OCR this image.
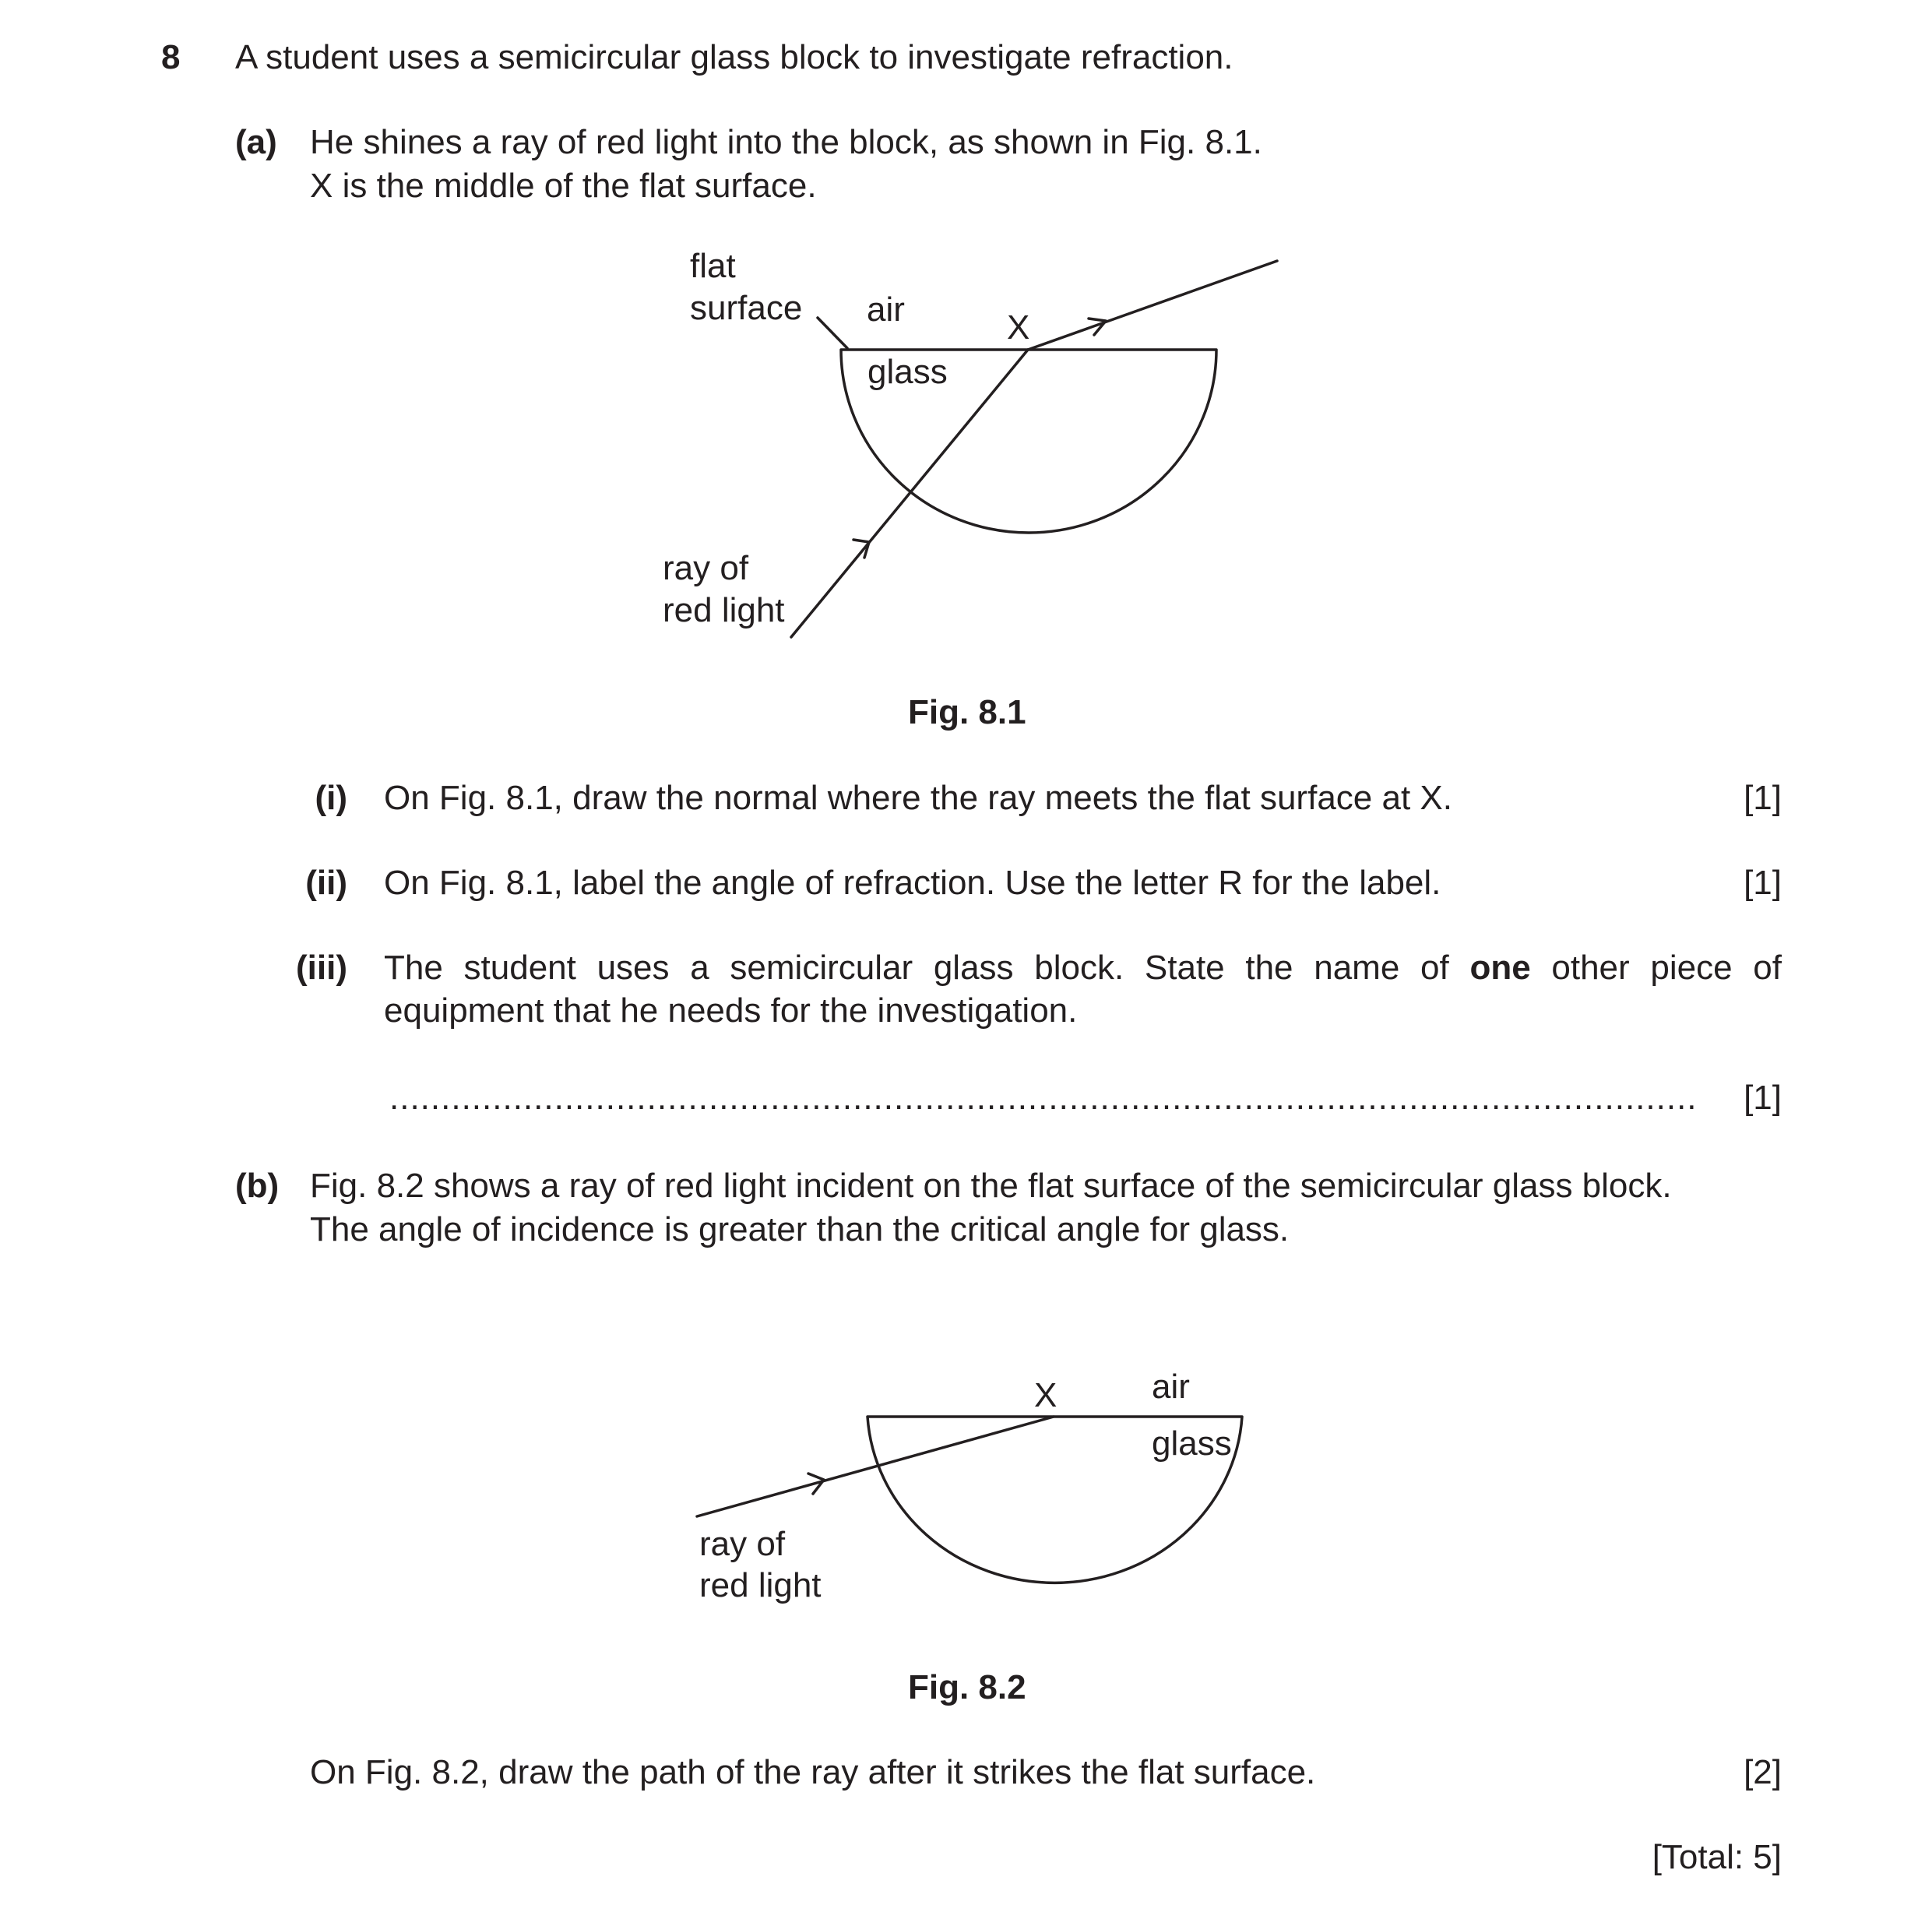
8 A student uses a semicircular glass block to investigate refraction.
(a) He shines a ray of red light into the block, as shown in Fig. 8.1.
X is the middle of the flat surface.
flat
surface air
glass
X
ray of
red light
X	air
glass
ray of
red light
Fig. 8.1
(i) On Fig. 8.1, draw the normal where the ray meets the flat surface at X.	[1]
(ii) On Fig. 8.1, label the angle of refraction. Use the letter R for the label.	[1]
(iii) The student uses a semicircular glass block. State the name of one other piece of
equipment that he needs for the investigation.
...............................................................................................................................	[1]
(b) Fig. 8.2 shows a ray of red light incident on the flat surface of the semicircular glass block.
The angle of incidence is greater than the critical angle for glass.
Fig. 8.2
On Fig. 8.2, draw the path of the ray after it strikes the flat surface.	[2]
[Total: 5]
